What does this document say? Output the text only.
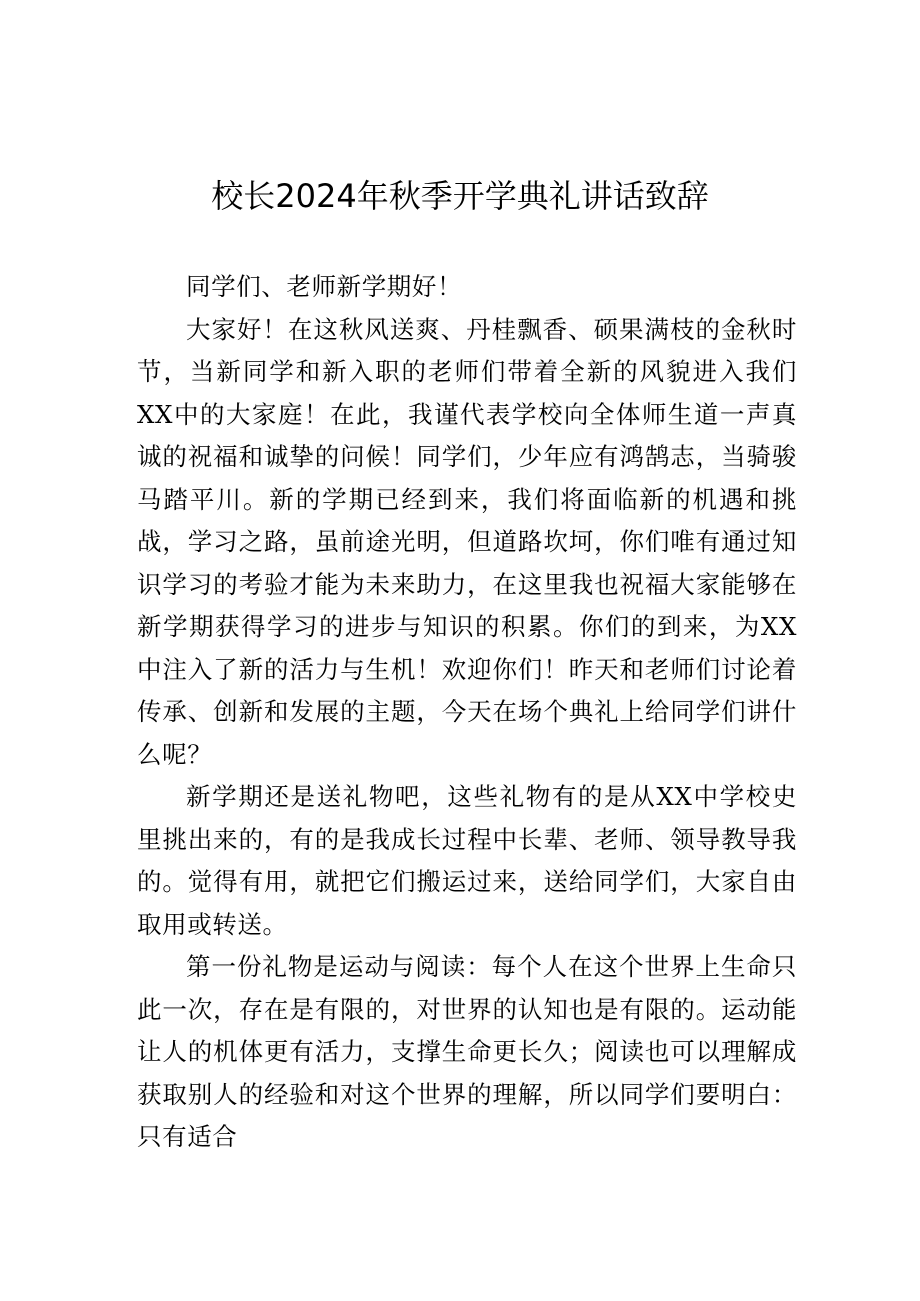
校长2024年秋季开学典礼讲话致辞

同学们、老师新学期好！

大家好！在这秋风送爽、丹桂飘香、硕果满枝的金秋时节，当新同学和新入职的老师们带着全新的风貌进入我们XX中的大家庭！在此，我谨代表学校向全体师生道一声真诚的祝福和诚挚的问候！同学们，少年应有鸿鹄志，当骑骏马踏平川。新的学期已经到来，我们将面临新的机遇和挑战，学习之路，虽前途光明，但道路坎坷，你们唯有通过知识学习的考验才能为未来助力，在这里我也祝福大家能够在新学期获得学习的进步与知识的积累。你们的到来，为XX中注入了新的活力与生机！欢迎你们！昨天和老师们讨论着传承、创新和发展的主题，今天在场个典礼上给同学们讲什么呢？

新学期还是送礼物吧，这些礼物有的是从XX中学校史里挑出来的，有的是我成长过程中长辈、老师、领导教导我的。觉得有用，就把它们搬运过来，送给同学们，大家自由取用或转送。

第一份礼物是运动与阅读：每个人在这个世界上生命只此一次，存在是有限的，对世界的认知也是有限的。运动能让人的机体更有活力，支撑生命更长久；阅读也可以理解成获取别人的经验和对这个世界的理解，所以同学们要明白：只有适合
